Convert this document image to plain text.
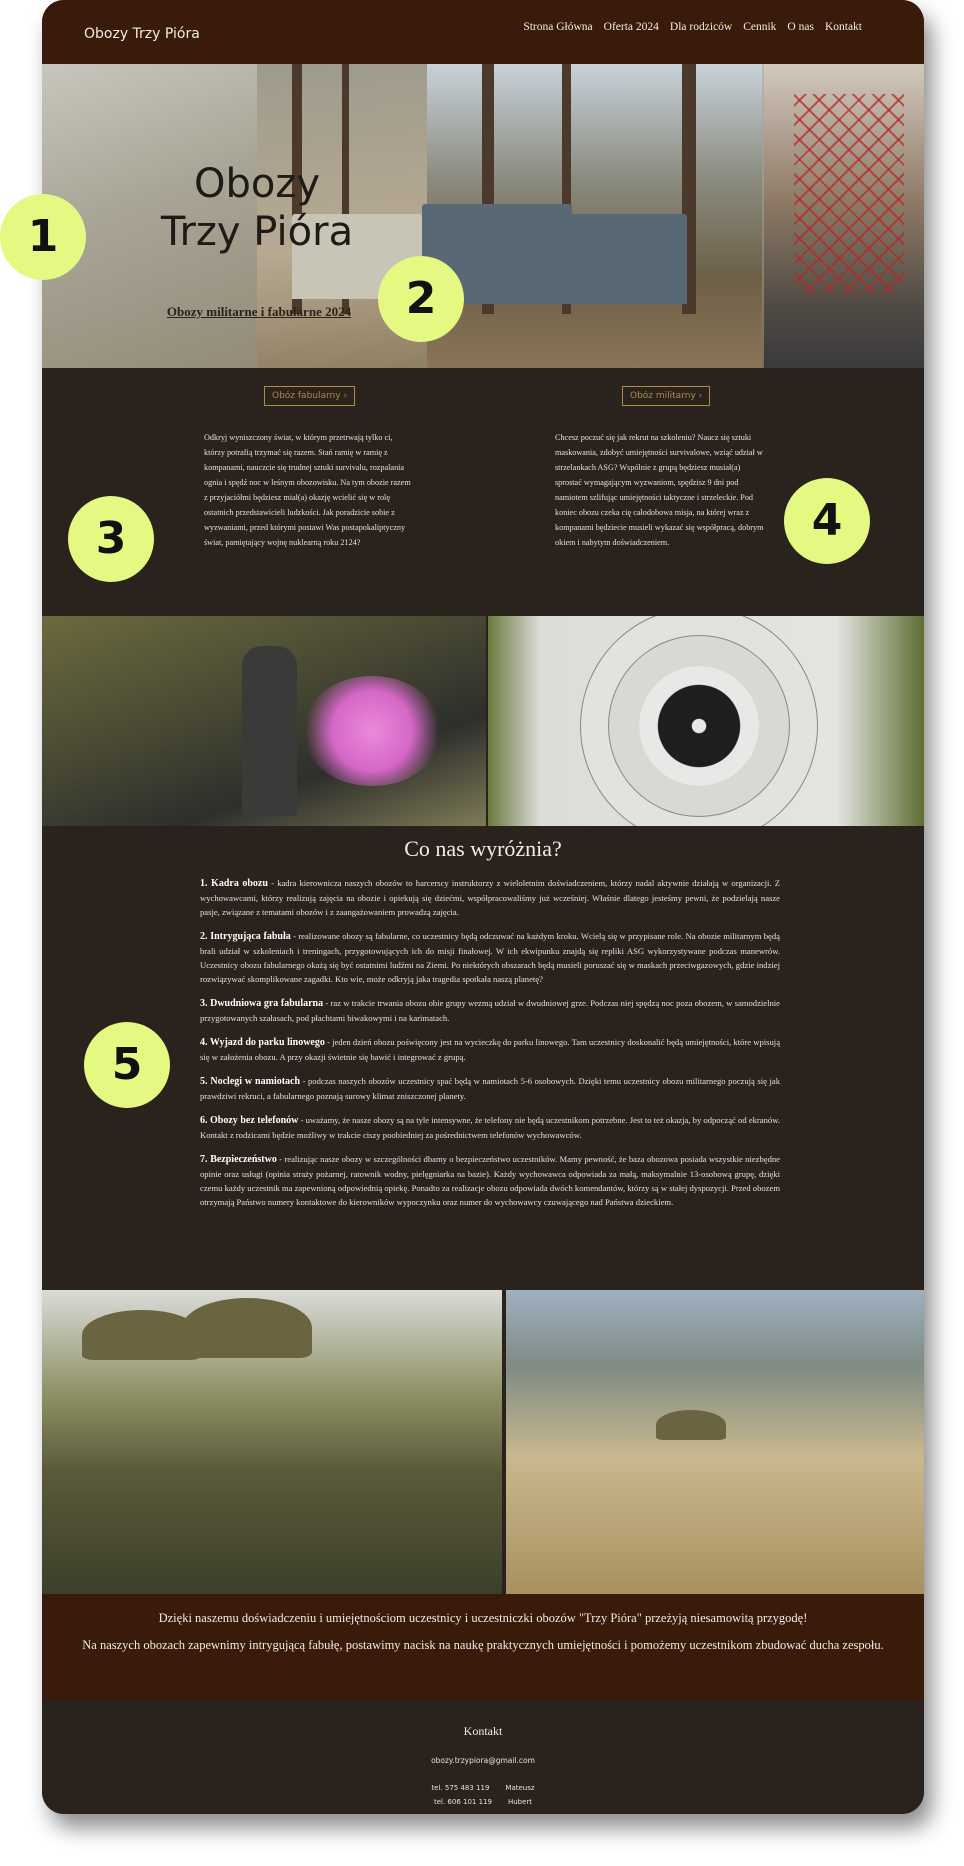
Obozy Trzy Pióra	Strona Główna Oferta 2024 Dla rodziców Cennik O nas Kontakt
Obozy
Trzy Pióra
Obozy militarne i fabularne 2024
Obóz fabularny ›	Obóz militarny ›
Odkryj wyniszczony świat, w którym przetrwają tylko ci, którzy potrafią trzymać się razem. Stań ramię w ramię z kompanami, nauczcie się trudnej sztuki survivalu, rozpalania ognia i spędź noc w leśnym obozowisku. Na tym obozie razem z przyjaciółmi będziesz miał(a) okazję wcielić się w rolę ostatnich przedstawicieli ludzkości. Jak poradzicie sobie z wyzwaniami, przed którymi postawi Was postapokaliptyczny świat, pamiętający wojnę nuklearną roku 2124?
Chcesz poczuć się jak rekrut na szkoleniu? Naucz się sztuki maskowania, zdobyć umiejętności survivalowe, wziąć udział w strzelankach ASG? Wspólnie z grupą będziesz musiał(a) sprostać wymagającym wyzwaniom, spędzisz 9 dni pod namiotem szlifując umiejętności taktyczne i strzeleckie. Pod koniec obozu czeka cię całodobowa misja, na której wraz z kompanami będziecie musieli wykazać się współpracą, dobrym okiem i nabytym doświadczeniem.
Co nas wyróżnia?

1. Kadra obozu - kadra kierownicza naszych obozów to harcerscy instruktorzy z wieloletnim doświadczeniem, którzy nadal aktywnie działają w organizacji. Z wychowawcami, którzy realizują zajęcia na obozie i opiekują się dziećmi, współpracowaliśmy już wcześniej. Właśnie dlatego jesteśmy pewni, że podzielają nasze pasje, związane z tematami obozów i z zaangażowaniem prowadzą zajęcia.

2. Intrygująca fabuła - realizowane obozy są fabularne, co uczestnicy będą odczuwać na każdym kroku. Wcielą się w przypisane role. Na obozie militarnym będą brali udział w szkoleniach i treningach, przygotowujących ich do misji finałowej. W ich ekwipunku znajdą się repliki ASG wykorzystywane podczas manewrów. Uczestnicy obozu fabularnego okażą się być ostatnimi ludźmi na Ziemi. Po niektórych obszarach będą musieli poruszać się w maskach przeciwgazowych, gdzie indziej rozwiązywać skomplikowane zagadki. Kto wie, może odkryją jaka tragedia spotkała naszą planetę?

3. Dwudniowa gra fabularna - raz w trakcie trwania obozu obie grupy wezmą udział w dwudniowej grze. Podczas niej spędzą noc poza obozem, w samodzielnie przygotowanych szałasach, pod płachtami biwakowymi i na karimatach.

4. Wyjazd do parku linowego - jeden dzień obozu poświęcony jest na wycieczkę do parku linowego. Tam uczestnicy doskonalić będą umiejętności, które wpisują się w założenia obozu. A przy okazji świetnie się bawić i integrować z grupą.

5. Noclegi w namiotach - podczas naszych obozów uczestnicy spać będą w namiotach 5-6 osobowych. Dzięki temu uczestnicy obozu militarnego poczują się jak prawdziwi rekruci, a fabularnego poznają surowy klimat zniszczonej planety.

6. Obozy bez telefonów - uważamy, że nasze obozy są na tyle intensywne, że telefony nie będą uczestnikom potrzebne. Jest to też okazja, by odpocząć od ekranów. Kontakt z rodzicami będzie możliwy w trakcie ciszy poobiedniej za pośrednictwem telefonów wychowawców.

7. Bezpieczeństwo - realizując nasze obozy w szczególności dbamy o bezpieczeństwo uczestników. Mamy pewność, że baza obozowa posiada wszystkie niezbędne opinie oraz usługi (opinia straży pożarnej, ratownik wodny, pielęgniarka na bazie). Każdy wychowawca odpowiada za małą, maksymalnie 13-osobową grupę, dzięki czemu każdy uczestnik ma zapewnioną odpowiednią opiekę. Ponadto za realizacje obozu odpowiada dwóch komendantów, którzy są w stałej dyspozycji. Przed obozem otrzymają Państwo numery kontaktowe do kierowników wypoczynku oraz numer do wychowawcy czuwającego nad Państwa dzieckiem.

Dzięki naszemu doświadczeniu i umiejętnościom uczestnicy i uczestniczki obozów "Trzy Pióra" przeżyją niesamowitą przygodę!

Na naszych obozach zapewnimy intrygującą fabułę, postawimy nacisk na naukę praktycznych umiejętności i pomożemy uczestnikom zbudować ducha zespołu.

Kontakt
obozy.trzypiora@gmail.com
tel. 575 483 119 Mateusz
tel. 606 101 119 Hubert
1
2
3	4
5
